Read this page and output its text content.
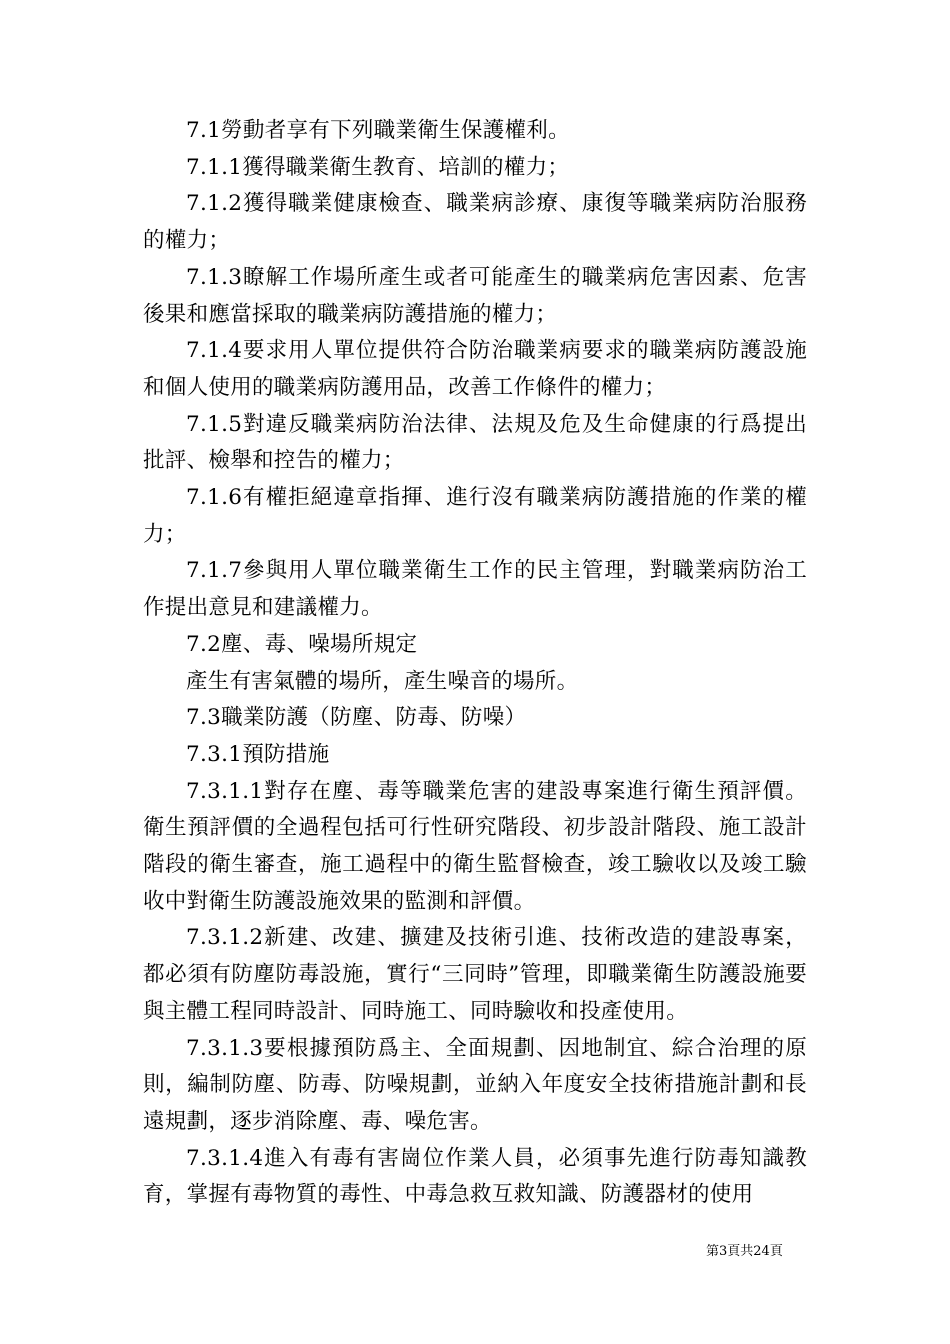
7.1勞動者享有下列職業衛生保護權利。

7.1.1獲得職業衛生教育、培訓的權力；

7.1.2獲得職業健康檢查、職業病診療、康復等職業病防治服務的權力；

7.1.3瞭解工作場所產生或者可能產生的職業病危害因素、危害後果和應當採取的職業病防護措施的權力；

7.1.4要求用人單位提供符合防治職業病要求的職業病防護設施和個人使用的職業病防護用品，改善工作條件的權力；

7.1.5對違反職業病防治法律、法規及危及生命健康的行爲提出批評、檢舉和控告的權力；

7.1.6有權拒絕違章指揮、進行沒有職業病防護措施的作業的權力；

7.1.7參與用人單位職業衛生工作的民主管理，對職業病防治工作提出意見和建議權力。

7.2塵、毒、噪場所規定

產生有害氣體的場所，產生噪音的場所。

7.3職業防護（防塵、防毒、防噪）

7.3.1預防措施

7.3.1.1對存在塵、毒等職業危害的建設專案進行衛生預評價。衛生預評價的全過程包括可行性研究階段、初步設計階段、施工設計階段的衛生審查，施工過程中的衛生監督檢查，竣工驗收以及竣工驗收中對衛生防護設施效果的監測和評價。

7.3.1.2新建、改建、擴建及技術引進、技術改造的建設專案，都必須有防塵防毒設施，實行“三同時”管理，即職業衛生防護設施要與主體工程同時設計、同時施工、同時驗收和投產使用。

7.3.1.3要根據預防爲主、全面規劃、因地制宜、綜合治理的原則，編制防塵、防毒、防噪規劃，並納入年度安全技術措施計劃和長遠規劃，逐步消除塵、毒、噪危害。

7.3.1.4進入有毒有害崗位作業人員，必須事先進行防毒知識教育，掌握有毒物質的毒性、中毒急救互救知識、防護器材的使用

第3頁共24頁
